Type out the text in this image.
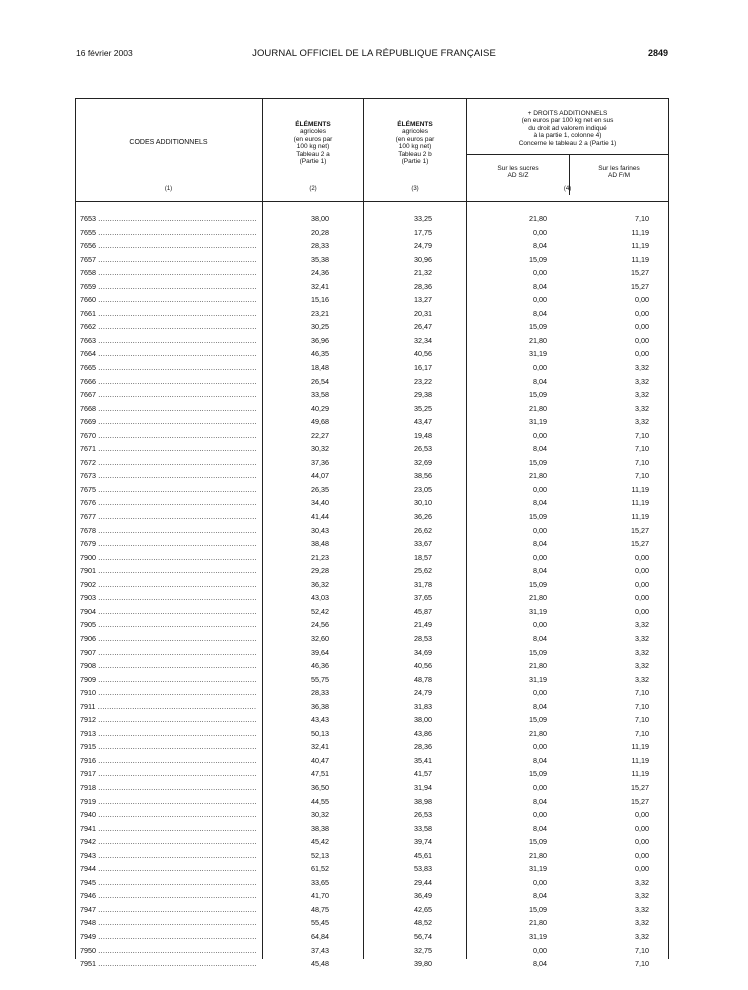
16 février 2003	JOURNAL OFFICIEL DE LA RÉPUBLIQUE FRANÇAISE	2849
CODES ADDITIONNELS
ÉLÉMENTS
agricoles
(en euros par
100 kg net)
Tableau 2 a
(Partie 1)
ÉLÉMENTS
agricoles
(en euros par
100 kg net)
Tableau 2 b
(Partie 1)
+ DROITS ADDITIONNELS
(en euros par 100 kg net en sus
du droit ad valorem indiqué
à la partie 1, colonne 4)
Concerne le tableau 2 a (Partie 1)
Sur les sucres
AD S/Z
Sur les farines
AD F/M
(1)	(2)	(3)	(4)
7653 .....	38,00	33,25	21,80	7,10
7655 .....	20,28	17,75	0,00	11,19
7656 .....	28,33	24,79	8,04	11,19
7657 .....	35,38	30,96	15,09	11,19
7658 .....	24,36	21,32	0,00	15,27
7659 .....	32,41	28,36	8,04	15,27
7660 .....	15,16	13,27	0,00	0,00
7661 .....	23,21	20,31	8,04	0,00
7662 .....	30,25	26,47	15,09	0,00
7663 .....	36,96	32,34	21,80	0,00
7664 .....	46,35	40,56	31,19	0,00
7665 .....	18,48	16,17	0,00	3,32
7666 .....	26,54	23,22	8,04	3,32
7667 .....	33,58	29,38	15,09	3,32
7668 .....	40,29	35,25	21,80	3,32
7669 .....	49,68	43,47	31,19	3,32
7670 .....	22,27	19,48	0,00	7,10
7671 .....	30,32	26,53	8,04	7,10
7672 .....	37,36	32,69	15,09	7,10
7673 .....	44,07	38,56	21,80	7,10
7675 .....	26,35	23,05	0,00	11,19
7676 .....	34,40	30,10	8,04	11,19
7677 .....	41,44	36,26	15,09	11,19
7678 .....	30,43	26,62	0,00	15,27
7679 .....	38,48	33,67	8,04	15,27
7900 .....	21,23	18,57	0,00	0,00
7901 .....	29,28	25,62	8,04	0,00
7902 .....	36,32	31,78	15,09	0,00
7903 .....	43,03	37,65	21,80	0,00
7904 .....	52,42	45,87	31,19	0,00
7905 .....	24,56	21,49	0,00	3,32
7906 .....	32,60	28,53	8,04	3,32
7907 .....	39,64	34,69	15,09	3,32
7908 .....	46,36	40,56	21,80	3,32
7909 .....	55,75	48,78	31,19	3,32
7910 .....	28,33	24,79	0,00	7,10
7911 .....	36,38	31,83	8,04	7,10
7912 .....	43,43	38,00	15,09	7,10
7913 .....	50,13	43,86	21,80	7,10
7915 .....	32,41	28,36	0,00	11,19
7916 .....	40,47	35,41	8,04	11,19
7917 .....	47,51	41,57	15,09	11,19
7918 .....	36,50	31,94	0,00	15,27
7919 .....	44,55	38,98	8,04	15,27
7940 .....	30,32	26,53	0,00	0,00
7941 .....	38,38	33,58	8,04	0,00
7942 .....	45,42	39,74	15,09	0,00
7943 .....	52,13	45,61	21,80	0,00
7944 .....	61,52	53,83	31,19	0,00
7945 .....	33,65	29,44	0,00	3,32
7946 .....	41,70	36,49	8,04	3,32
7947 .....	48,75	42,65	15,09	3,32
7948 .....	55,45	48,52	21,80	3,32
7949 .....	64,84	56,74	31,19	3,32
7950 .....	37,43	32,75	0,00	7,10
7951 .....	45,48	39,80	8,04	7,10
